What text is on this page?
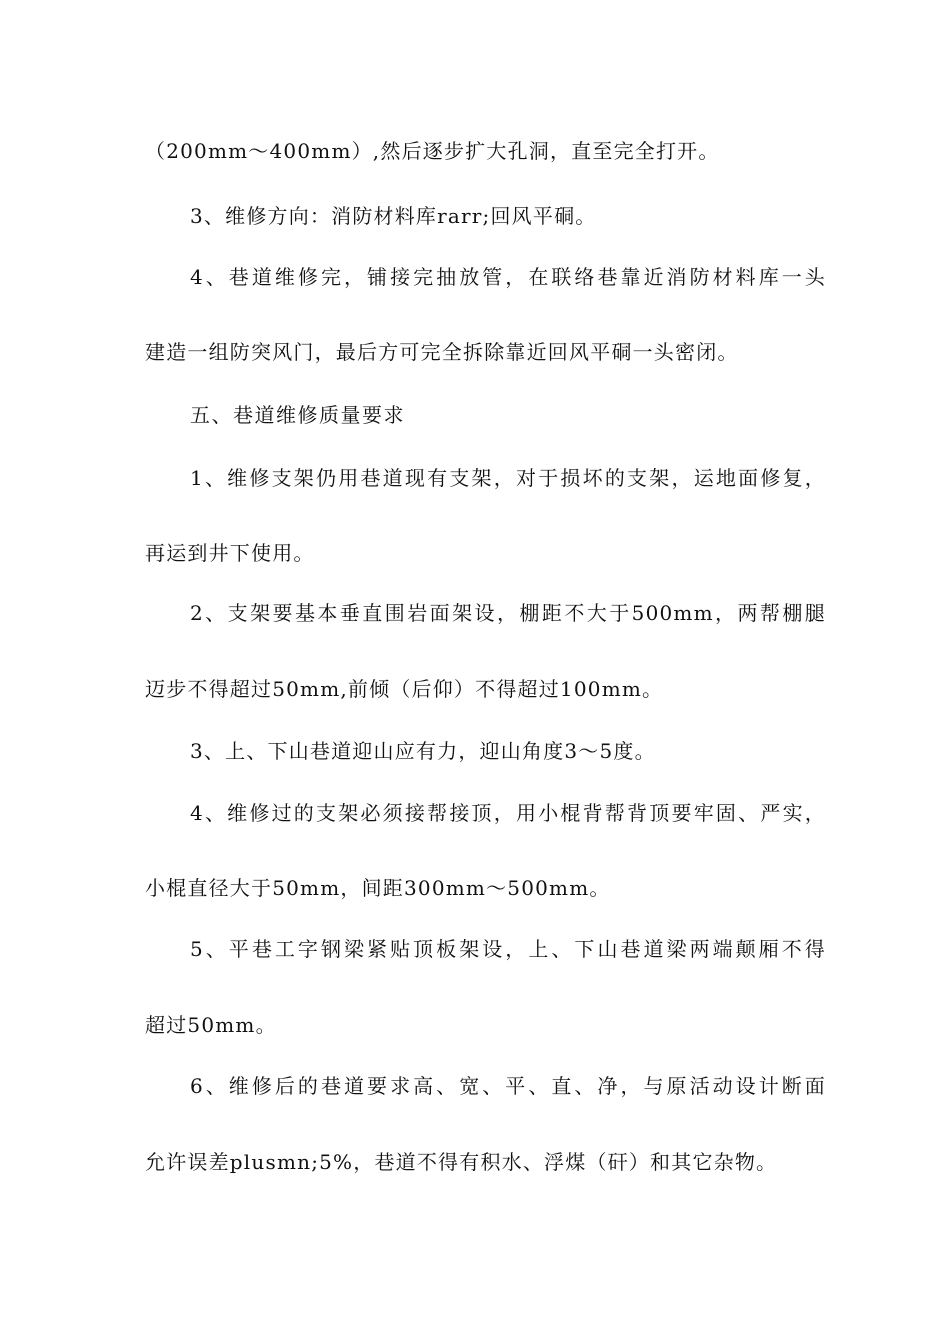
（200mm～400mm）,然后逐步扩大孔洞，直至完全打开。
3、维修方向：消防材料库rarr;回风平硐。
4、巷道维修完，铺接完抽放管，在联络巷靠近消防材料库一头
建造一组防突风门，最后方可完全拆除靠近回风平硐一头密闭。
五、巷道维修质量要求
1、维修支架仍用巷道现有支架，对于损坏的支架，运地面修复，
再运到井下使用。
2、支架要基本垂直围岩面架设，棚距不大于500mm，两帮棚腿
迈步不得超过50mm,前倾（后仰）不得超过100mm。
3、上、下山巷道迎山应有力，迎山角度3～5度。
4、维修过的支架必须接帮接顶，用小棍背帮背顶要牢固、严实，
小棍直径大于50mm，间距300mm～500mm。
5、平巷工字钢梁紧贴顶板架设，上、下山巷道梁两端颠厢不得
超过50mm。
6、维修后的巷道要求高、宽、平、直、净，与原活动设计断面
允许误差plusmn;5%，巷道不得有积水、浮煤（矸）和其它杂物。
